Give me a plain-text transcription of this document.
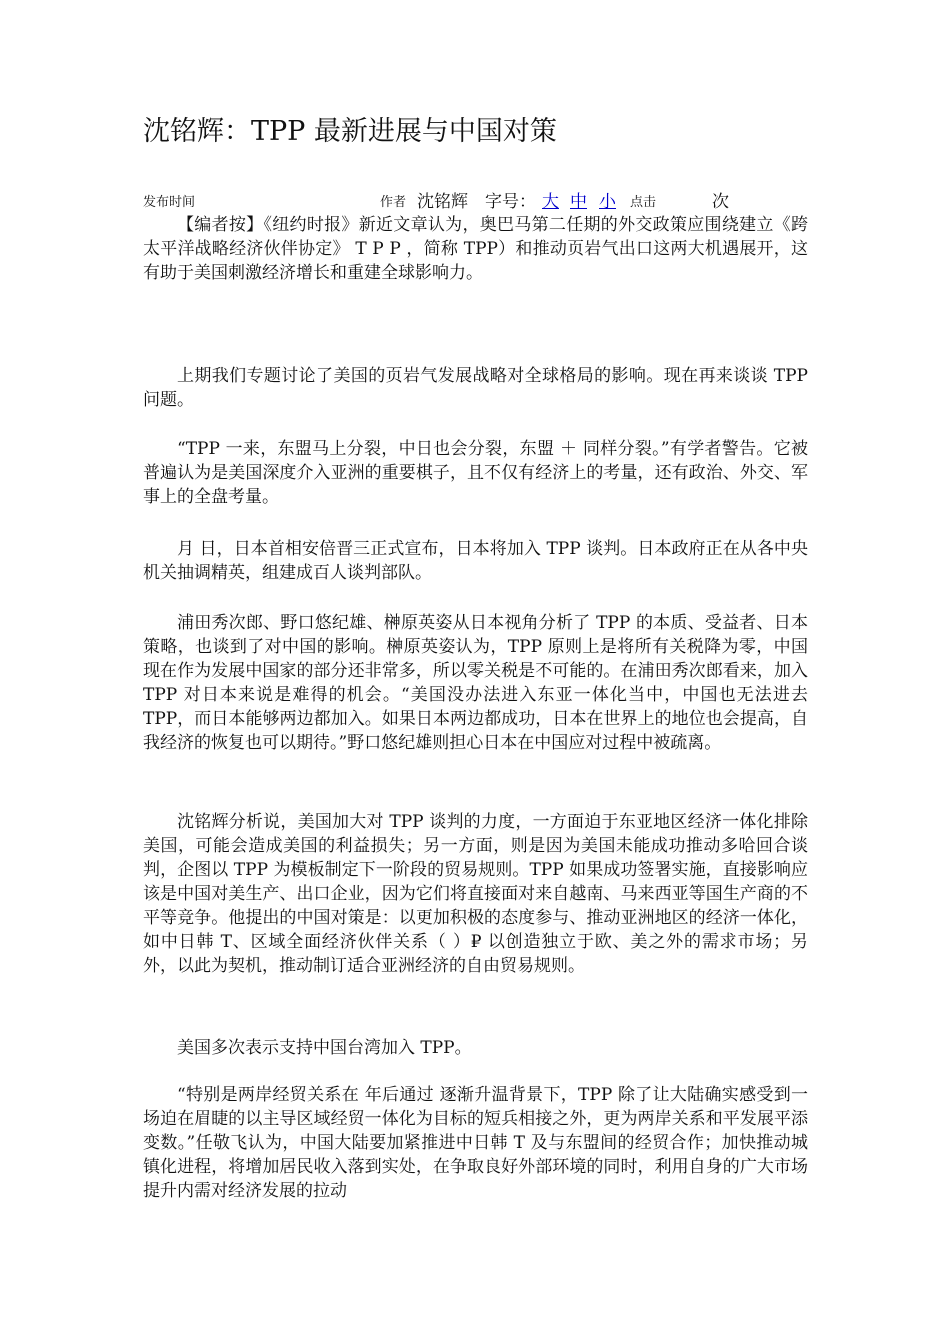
沈铭辉：TPP 最新进展与中国对策
发布时间	作者 沈铭辉 字号： 大 中 小 点击	次

【编者按】《纽约时报》新近文章认为，奥巴马第二任期的外交政策应围绕建立《跨太平洋战略经济伙伴协定》 T P P ，简称 TPP）和推动页岩气出口这两大机遇展开，这有助于美国刺激经济增长和重建全球影响力。

上期我们专题讨论了美国的页岩气发展战略对全球格局的影响。现在再来谈谈 TPP 问题。

“TPP 一来，东盟马上分裂，中日也会分裂，东盟 ＋ 同样分裂。”有学者警告。它被普遍认为是美国深度介入亚洲的重要棋子，且不仅有经济上的考量，还有政治、外交、军事上的全盘考量。

月 日，日本首相安倍晋三正式宣布，日本将加入 TPP 谈判。日本政府正在从各中央机关抽调精英，组建成百人谈判部队。

浦田秀次郎、野口悠纪雄、榊原英姿从日本视角分析了 TPP 的本质、受益者、日本策略，也谈到了对中国的影响。榊原英姿认为，TPP 原则上是将所有关税降为零，中国现在作为发展中国家的部分还非常多，所以零关税是不可能的。在浦田秀次郎看来，加入 TPP 对日本来说是难得的机会。“美国没办法进入东亚一体化当中，中国也无法进去 TPP，而日本能够两边都加入。如果日本两边都成功，日本在世界上的地位也会提高，自我经济的恢复也可以期待。”野口悠纪雄则担心日本在中国应对过程中被疏离。

沈铭辉分析说，美国加大对 TPP 谈判的力度，一方面迫于东亚地区经济一体化排除美国，可能会造成美国的利益损失；另一方面，则是因为美国未能成功推动多哈回合谈判，企图以 TPP 为模板制定下一阶段的贸易规则。TPP 如果成功签署实施，直接影响应该是中国对美生产、出口企业，因为它们将直接面对来自越南、马来西亚等国生产商的不平等竞争。他提出的中国对策是：以更加积极的态度参与、推动亚洲地区的经济一体化，如中日韩 T、区域全面经济伙伴关系（ ）₽ 以创造独立于欧、美之外的需求市场；另外，以此为契机，推动制订适合亚洲经济的自由贸易规则。

美国多次表示支持中国台湾加入 TPP。

“特别是两岸经贸关系在 年后通过 逐渐升温背景下，TPP 除了让大陆确实感受到一场迫在眉睫的以主导区域经贸一体化为目标的短兵相接之外，更为两岸关系和平发展平添变数。”任敬飞认为，中国大陆要加紧推进中日韩 T 及与东盟间的经贸合作；加快推动城镇化进程，将增加居民收入落到实处，在争取良好外部环境的同时，利用自身的广大市场提升内需对经济发展的拉动
